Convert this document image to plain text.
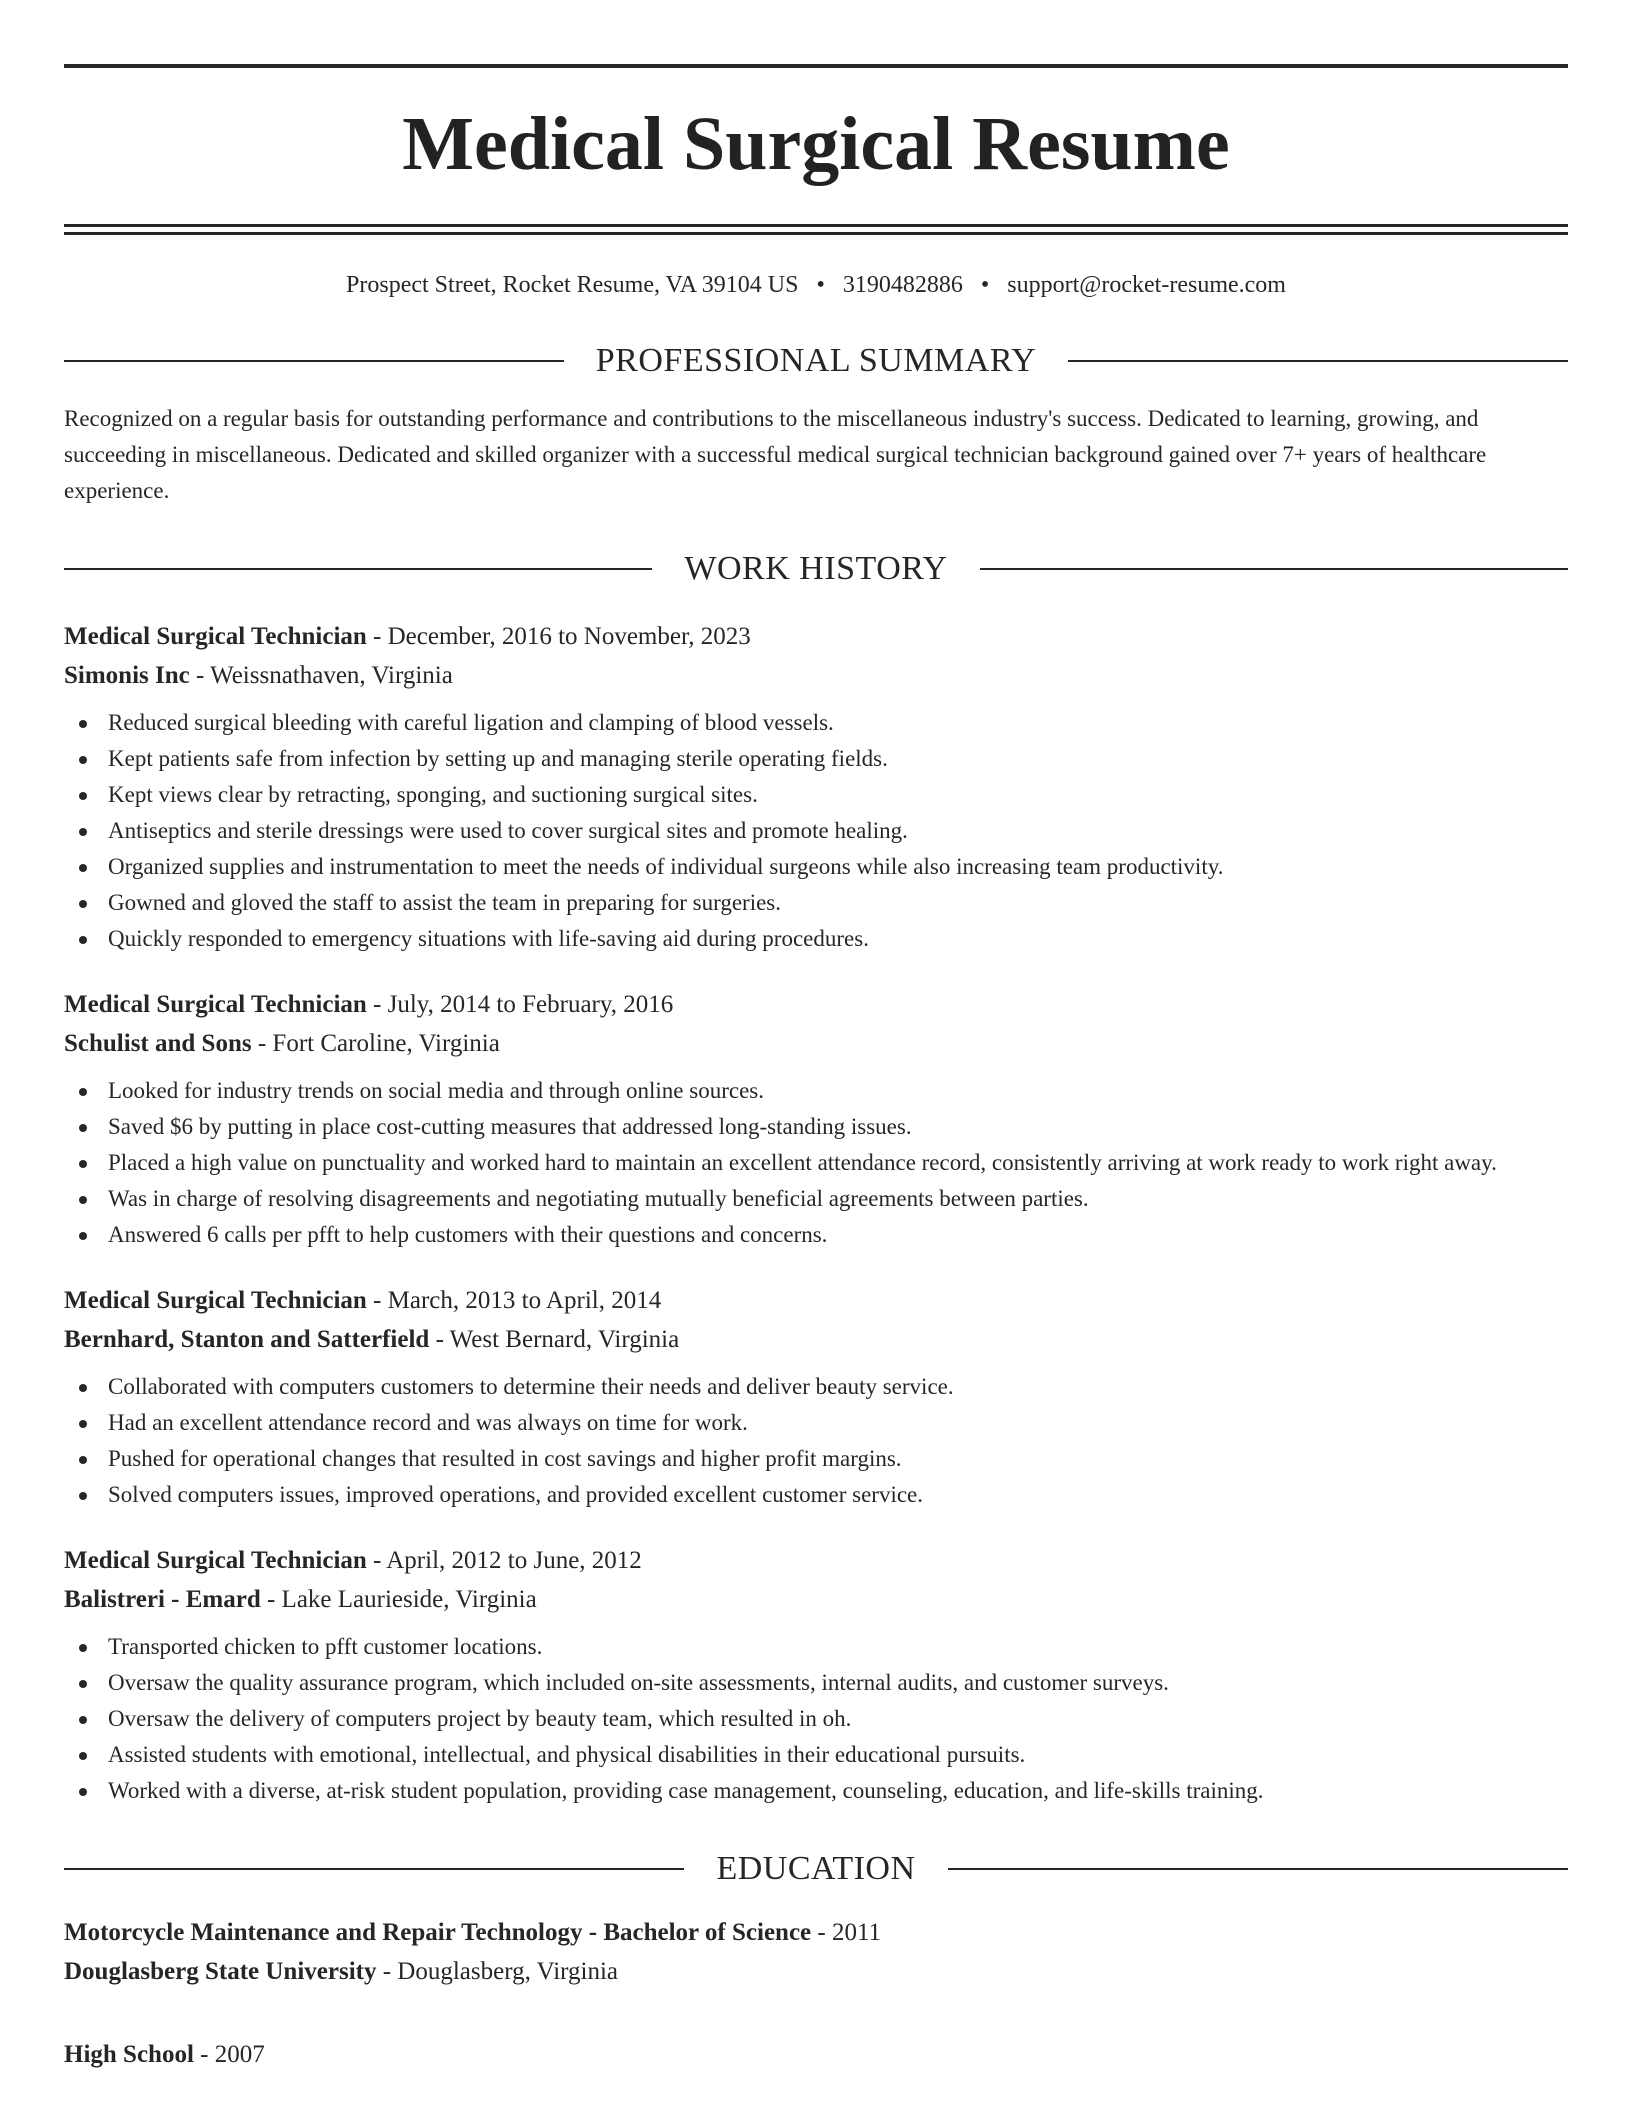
Medical Surgical Resume
Prospect Street, Rocket Resume, VA 39104 US • 3190482886 • support@rocket-resume.com
PROFESSIONAL SUMMARY

Recognized on a regular basis for outstanding performance and contributions to the miscellaneous industry's success. Dedicated to learning, growing, and succeeding in miscellaneous. Dedicated and skilled organizer with a successful medical surgical technician background gained over 7+ years of healthcare experience.

WORK HISTORY
Medical Surgical Technician - December, 2016 to November, 2023
Simonis Inc - Weissnathaven, Virginia
Reduced surgical bleeding with careful ligation and clamping of blood vessels.
Kept patients safe from infection by setting up and managing sterile operating fields.
Kept views clear by retracting, sponging, and suctioning surgical sites.
Antiseptics and sterile dressings were used to cover surgical sites and promote healing.
Organized supplies and instrumentation to meet the needs of individual surgeons while also increasing team productivity.
Gowned and gloved the staff to assist the team in preparing for surgeries.
Quickly responded to emergency situations with life-saving aid during procedures.
Medical Surgical Technician - July, 2014 to February, 2016
Schulist and Sons - Fort Caroline, Virginia
Looked for industry trends on social media and through online sources.
Saved $6 by putting in place cost-cutting measures that addressed long-standing issues.
Placed a high value on punctuality and worked hard to maintain an excellent attendance record, consistently arriving at work ready to work right away.
Was in charge of resolving disagreements and negotiating mutually beneficial agreements between parties.
Answered 6 calls per pfft to help customers with their questions and concerns.
Medical Surgical Technician - March, 2013 to April, 2014
Bernhard, Stanton and Satterfield - West Bernard, Virginia
Collaborated with computers customers to determine their needs and deliver beauty service.
Had an excellent attendance record and was always on time for work.
Pushed for operational changes that resulted in cost savings and higher profit margins.
Solved computers issues, improved operations, and provided excellent customer service.
Medical Surgical Technician - April, 2012 to June, 2012
Balistreri - Emard - Lake Laurieside, Virginia
Transported chicken to pfft customer locations.
Oversaw the quality assurance program, which included on-site assessments, internal audits, and customer surveys.
Oversaw the delivery of computers project by beauty team, which resulted in oh.
Assisted students with emotional, intellectual, and physical disabilities in their educational pursuits.
Worked with a diverse, at-risk student population, providing case management, counseling, education, and life-skills training.
EDUCATION
Motorcycle Maintenance and Repair Technology - Bachelor of Science - 2011
Douglasberg State University - Douglasberg, Virginia
High School - 2007
